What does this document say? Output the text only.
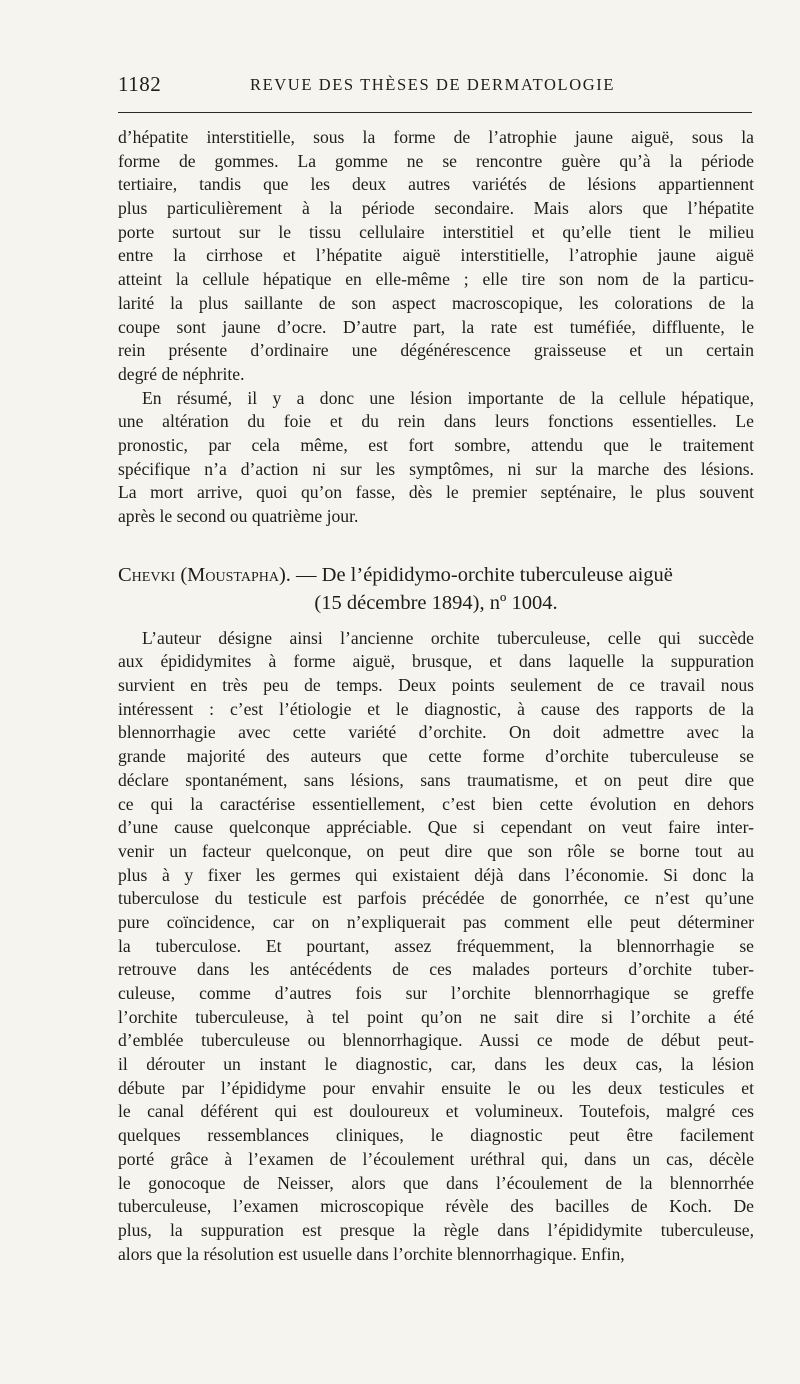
1182	REVUE DES THÈSES DE DERMATOLOGIE
d’hépatite interstitielle, sous la forme de l’atrophie jaune aiguë, sous la
forme de gommes. La gomme ne se rencontre guère qu’à la période
tertiaire, tandis que les deux autres variétés de lésions appartiennent
plus particulièrement à la période secondaire. Mais alors que l’hépatite
porte surtout sur le tissu cellulaire interstitiel et qu’elle tient le milieu
entre la cirrhose et l’hépatite aiguë interstitielle, l’atrophie jaune aiguë
atteint la cellule hépatique en elle-même ; elle tire son nom de la particu-
larité la plus saillante de son aspect macroscopique, les colorations de la
coupe sont jaune d’ocre. D’autre part, la rate est tuméfiée, diffluente, le
rein présente d’ordinaire une dégénérescence graisseuse et un certain
degré de néphrite.
En résumé, il y a donc une lésion importante de la cellule hépatique,
une altération du foie et du rein dans leurs fonctions essentielles. Le
pronostic, par cela même, est fort sombre, attendu que le traitement
spécifique n’a d’action ni sur les symptômes, ni sur la marche des lésions.
La mort arrive, quoi qu’on fasse, dès le premier septénaire, le plus souvent
après le second ou quatrième jour.
Chevki (Moustapha). — De l’épididymo-orchite tuberculeuse aiguë
(15 décembre 1894), nº 1004.
L’auteur désigne ainsi l’ancienne orchite tuberculeuse, celle qui succède
aux épididymites à forme aiguë, brusque, et dans laquelle la suppuration
survient en très peu de temps. Deux points seulement de ce travail nous
intéressent : c’est l’étiologie et le diagnostic, à cause des rapports de la
blennorrhagie avec cette variété d’orchite. On doit admettre avec la
grande majorité des auteurs que cette forme d’orchite tuberculeuse se
déclare spontanément, sans lésions, sans traumatisme, et on peut dire que
ce qui la caractérise essentiellement, c’est bien cette évolution en dehors
d’une cause quelconque appréciable. Que si cependant on veut faire inter-
venir un facteur quelconque, on peut dire que son rôle se borne tout au
plus à y fixer les germes qui existaient déjà dans l’économie. Si donc la
tuberculose du testicule est parfois précédée de gonorrhée, ce n’est qu’une
pure coïncidence, car on n’expliquerait pas comment elle peut déterminer
la tuberculose. Et pourtant, assez fréquemment, la blennorrhagie se
retrouve dans les antécédents de ces malades porteurs d’orchite tuber-
culeuse, comme d’autres fois sur l’orchite blennorrhagique se greffe
l’orchite tuberculeuse, à tel point qu’on ne sait dire si l’orchite a été
d’emblée tuberculeuse ou blennorrhagique. Aussi ce mode de début peut-
il dérouter un instant le diagnostic, car, dans les deux cas, la lésion
débute par l’épididyme pour envahir ensuite le ou les deux testicules et
le canal déférent qui est douloureux et volumineux. Toutefois, malgré ces
quelques ressemblances cliniques, le diagnostic peut être facilement
porté grâce à l’examen de l’écoulement uréthral qui, dans un cas, décèle
le gonocoque de Neisser, alors que dans l’écoulement de la blennorrhée
tuberculeuse, l’examen microscopique révèle des bacilles de Koch. De
plus, la suppuration est presque la règle dans l’épididymite tuberculeuse,
alors que la résolution est usuelle dans l’orchite blennorrhagique. Enfin,
